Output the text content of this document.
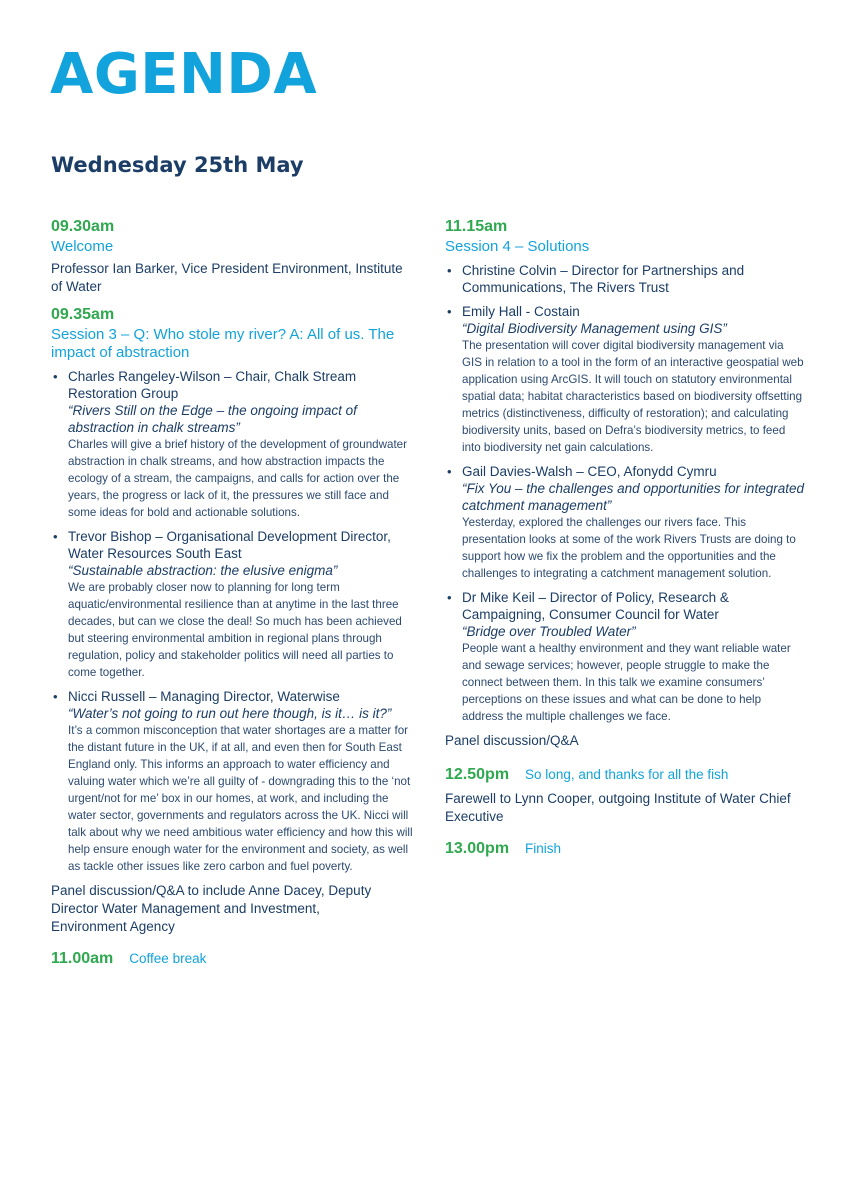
AGENDA
Wednesday 25th May
09.30am
Welcome
Professor Ian Barker, Vice President Environment, Institute of Water
09.35am
Session 3 – Q: Who stole my river? A: All of us. The impact of abstraction
• Charles Rangeley-Wilson – Chair, Chalk Stream Restoration Group
“Rivers Still on the Edge – the ongoing impact of abstraction in chalk streams”
Charles will give a brief history of the development of groundwater abstraction in chalk streams, and how abstraction impacts the ecology of a stream, the campaigns, and calls for action over the years, the progress or lack of it, the pressures we still face and some ideas for bold and actionable solutions.
• Trevor Bishop – Organisational Development Director, Water Resources South East
“Sustainable abstraction: the elusive enigma”
We are probably closer now to planning for long term aquatic/environmental resilience than at anytime in the last three decades, but can we close the deal! So much has been achieved but steering environmental ambition in regional plans through regulation, policy and stakeholder politics will need all parties to come together.
• Nicci Russell – Managing Director, Waterwise
“Water’s not going to run out here though, is it… is it?”
It’s a common misconception that water shortages are a matter for the distant future in the UK, if at all, and even then for South East England only. This informs an approach to water efficiency and valuing water which we’re all guilty of - downgrading this to the ‘not urgent/not for me’ box in our homes, at work, and including the water sector, governments and regulators across the UK. Nicci will talk about why we need ambitious water efficiency and how this will help ensure enough water for the environment and society, as well as tackle other issues like zero carbon and fuel poverty.
Panel discussion/Q&A to include Anne Dacey, Deputy Director Water Management and Investment, Environment Agency
11.00am Coffee break
11.15am
Session 4 – Solutions
• Christine Colvin – Director for Partnerships and Communications, The Rivers Trust
• Emily Hall - Costain
“Digital Biodiversity Management using GIS”
The presentation will cover digital biodiversity management via GIS in relation to a tool in the form of an interactive geospatial web application using ArcGIS. It will touch on statutory environmental spatial data; habitat characteristics based on biodiversity offsetting metrics (distinctiveness, difficulty of restoration); and calculating biodiversity units, based on Defra’s biodiversity metrics, to feed into biodiversity net gain calculations.
• Gail Davies-Walsh – CEO, Afonydd Cymru
“Fix You – the challenges and opportunities for integrated catchment management”
Yesterday, explored the challenges our rivers face. This presentation looks at some of the work Rivers Trusts are doing to support how we fix the problem and the opportunities and the challenges to integrating a catchment management solution.
• Dr Mike Keil – Director of Policy, Research & Campaigning, Consumer Council for Water
“Bridge over Troubled Water”
People want a healthy environment and they want reliable water and sewage services; however, people struggle to make the connect between them. In this talk we examine consumers’ perceptions on these issues and what can be done to help address the multiple challenges we face.
Panel discussion/Q&A
12.50pm So long, and thanks for all the fish
Farewell to Lynn Cooper, outgoing Institute of Water Chief Executive
13.00pm Finish
